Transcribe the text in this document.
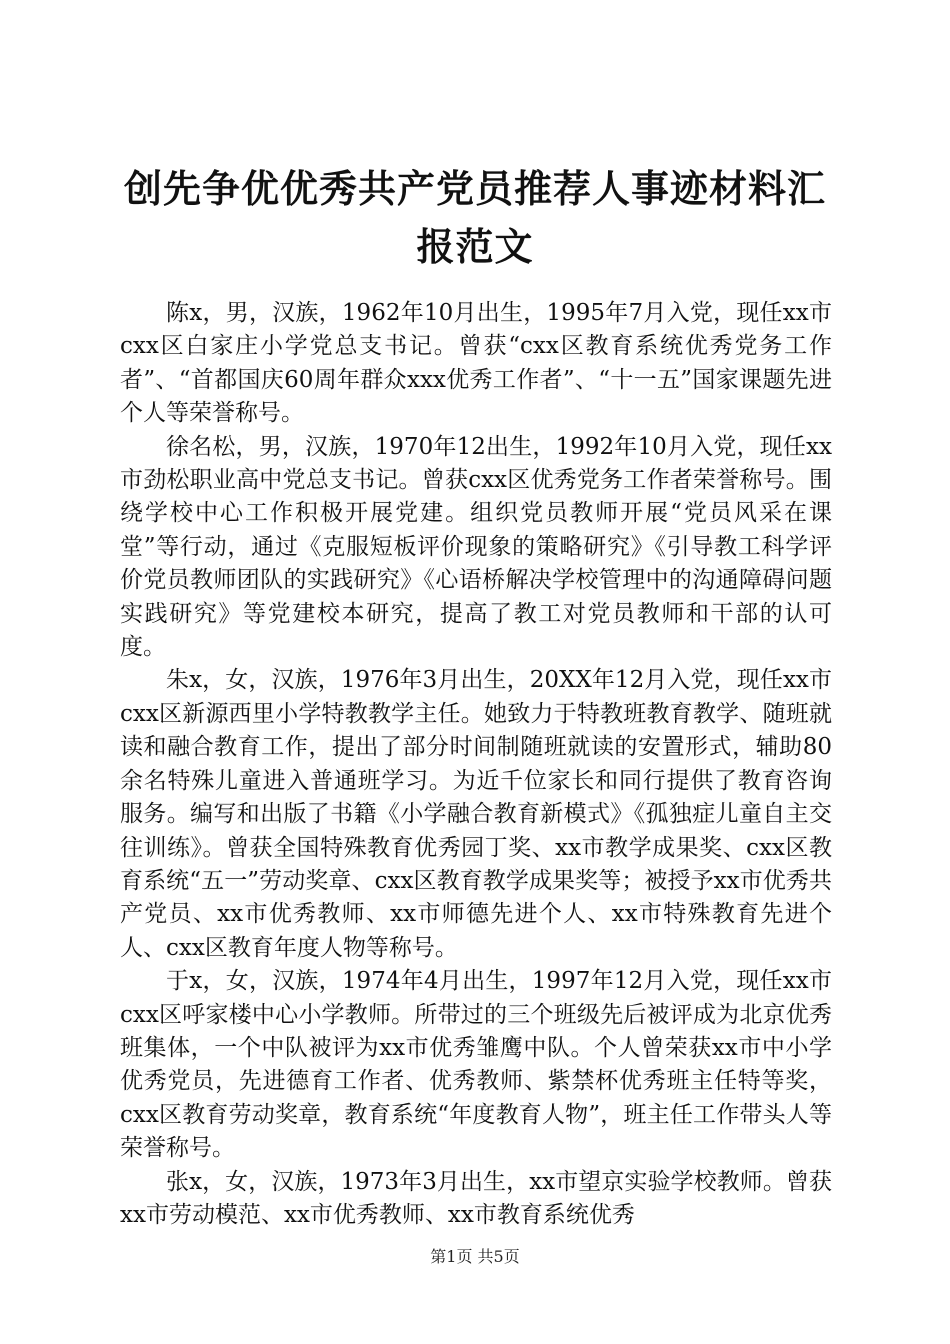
创先争优优秀共产党员推荐人事迹材料汇报范文

陈x，男，汉族，1962年10月出生，1995年7月入党，现任xx市cxx区白家庄小学党总支书记。曾获“cxx区教育系统优秀党务工作者”、“首都国庆60周年群众xxx优秀工作者”、“十一五”国家课题先进个人等荣誉称号。

徐名松，男，汉族，1970年12出生，1992年10月入党，现任xx市劲松职业高中党总支书记。曾获cxx区优秀党务工作者荣誉称号。围绕学校中心工作积极开展党建。组织党员教师开展“党员风采在课堂”等行动，通过《克服短板评价现象的策略研究》《引导教工科学评价党员教师团队的实践研究》《心语桥解决学校管理中的沟通障碍问题实践研究》等党建校本研究，提高了教工对党员教师和干部的认可度。

朱x，女，汉族，1976年3月出生，20XX年12月入党，现任xx市cxx区新源西里小学特教教学主任。她致力于特教班教育教学、随班就读和融合教育工作，提出了部分时间制随班就读的安置形式，辅助80余名特殊儿童进入普通班学习。为近千位家长和同行提供了教育咨询服务。编写和出版了书籍《小学融合教育新模式》《孤独症儿童自主交往训练》。曾获全国特殊教育优秀园丁奖、xx市教学成果奖、cxx区教育系统“五一”劳动奖章、cxx区教育教学成果奖等；被授予xx市优秀共产党员、xx市优秀教师、xx市师德先进个人、xx市特殊教育先进个人、cxx区教育年度人物等称号。

于x，女，汉族，1974年4月出生，1997年12月入党，现任xx市cxx区呼家楼中心小学教师。所带过的三个班级先后被评成为北京优秀班集体，一个中队被评为xx市优秀雏鹰中队。个人曾荣获xx市中小学优秀党员，先进德育工作者、优秀教师、紫禁杯优秀班主任特等奖，cxx区教育劳动奖章，教育系统“年度教育人物”，班主任工作带头人等荣誉称号。

张x，女，汉族，1973年3月出生，xx市望京实验学校教师。曾获xx市劳动模范、xx市优秀教师、xx市教育系统优秀

第1页 共5页
